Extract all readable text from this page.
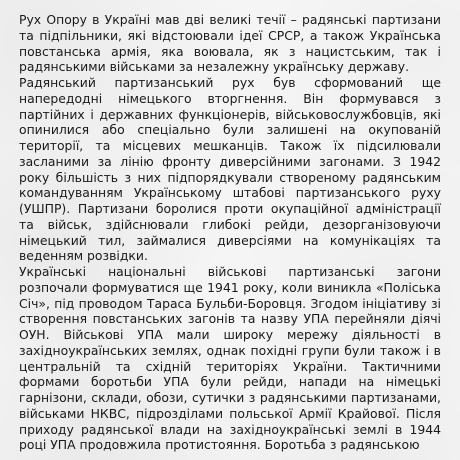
Рух Опору в Україні мав дві великі течії – радянські партизани та підпільники, які відстоювали ідеї СРСР, а також Українська повстанська армія, яка воювала, як з нацистським, так і радянськими військами за незалежну українську державу.

Радянський партизанський рух був сформований ще напередодні німецького вторгнення. Він формувався з партійних і державних функціонерів, військовослужбовців, які опинилися або спеціально були залишені на окупованій території, та місцевих мешканців. Також їх підсилювали засланими за лінію фронту диверсійними загонами. З 1942 року більшість з них підпорядкували створеному радянським командуванням Українському штабові партизанського руху (УШПР). Партизани боролися проти окупаційної адміністрації та військ, здійснювали глибокі рейди, дезорганізовуючи німецький тил, займалися диверсіями на комунікаціях та веденням розвідки.

Українські національні військові партизанські загони розпочали формуватися ще 1941 року, коли виникла «Поліська Січ», під проводом Тараса Бульби-Боровця. Згодом ініціативу зі створення повстанських загонів та назву УПА перейняли діячі ОУН. Військові УПА мали широку мережу діяльності в західноукраїнських землях, однак похідні групи були також і в центральній та східній територіях України. Тактичними формами боротьби УПА були рейди, напади на німецькі гарнізони, склади, обози, сутички з радянськими партизанами, військами НКВС, підрозділами польської Армії Крайової. Після приходу радянської влади на західноукраїнські землі в 1944 році УПА продовжила протистояння. Боротьба з радянською
